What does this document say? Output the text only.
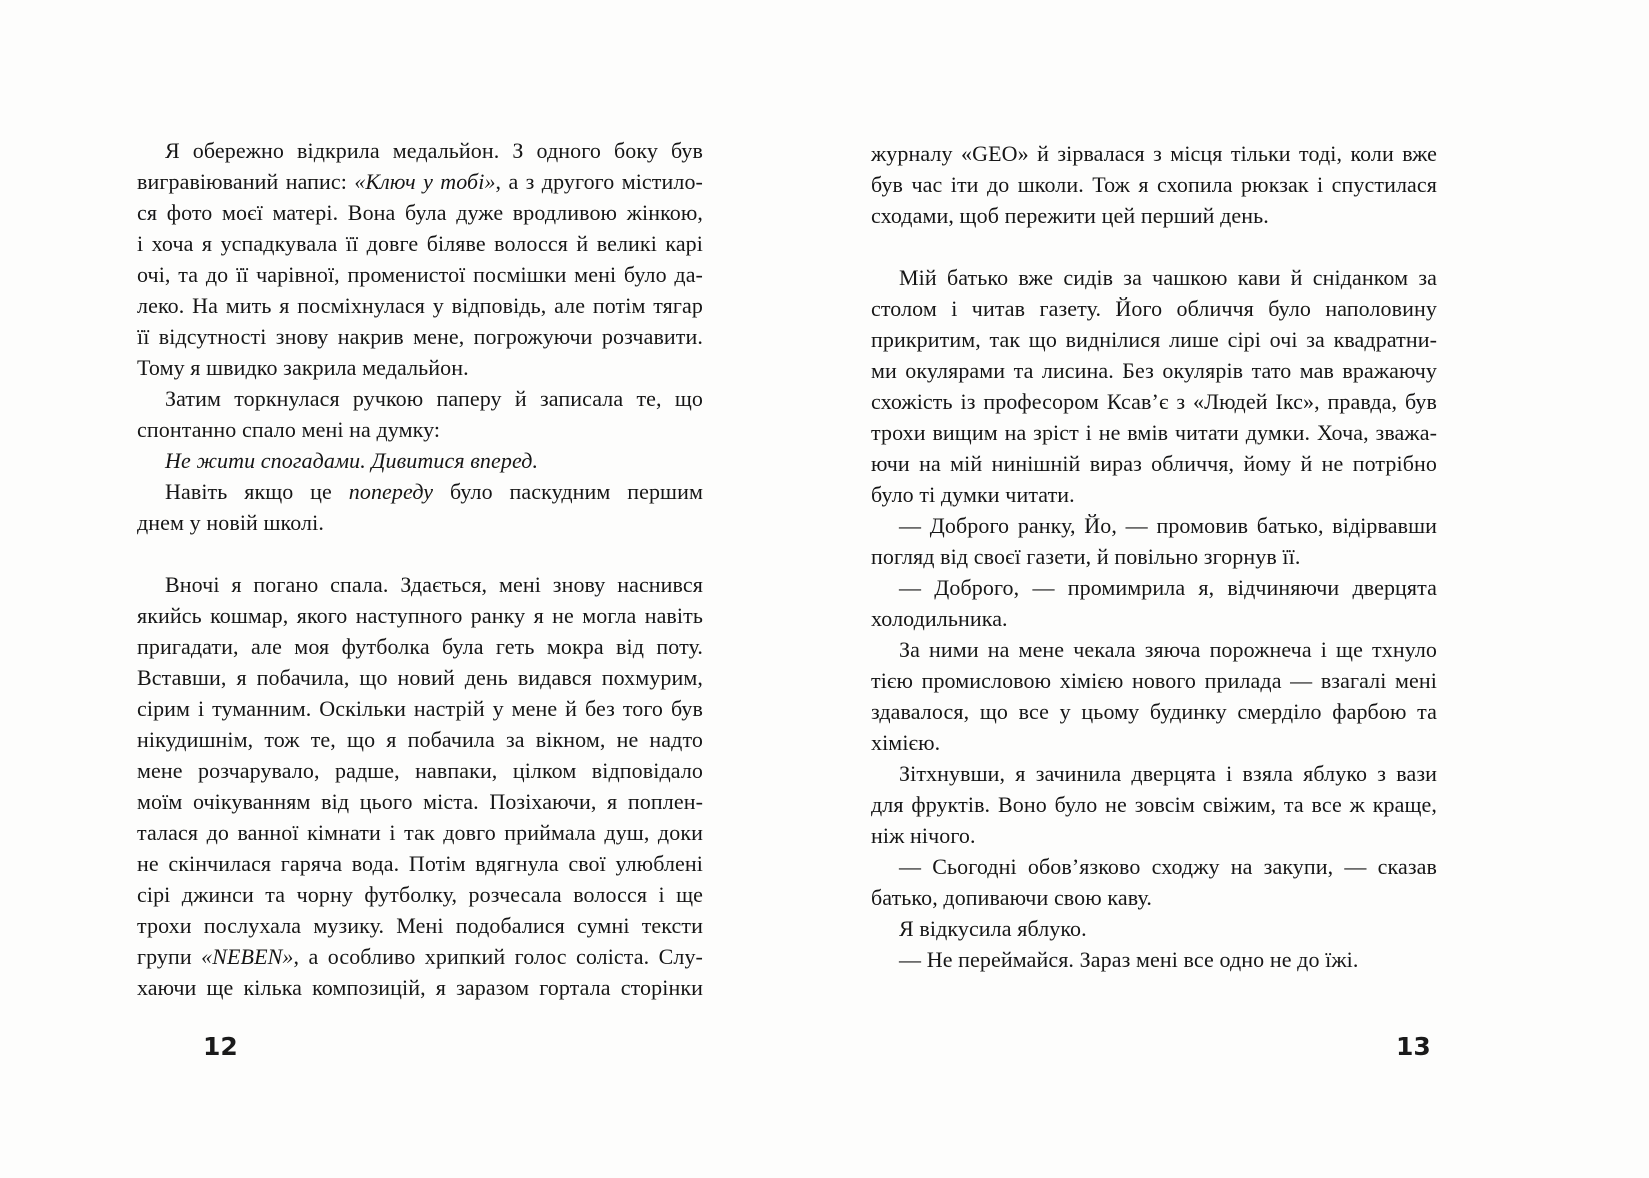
Я обережно відкрила медальйон. З одного боку був
вигравіюваний напис: «Ключ у тобі», а з другого містило-
ся фото моєї матері. Вона була дуже вродливою жінкою,
і хоча я успадкувала її довге біляве волосся й великі карі
очі, та до її чарівної, променистої посмішки мені було да-
леко. На мить я посміхнулася у відповідь, але потім тягар
її відсутності знову накрив мене, погрожуючи розчавити.
Тому я швидко закрила медальйон.
Затим торкнулася ручкою паперу й записала те, що
спонтанно спало мені на думку:
Не жити спогадами. Дивитися вперед.
Навіть якщо це попереду було паскудним першим
днем у новій школі.
Вночі я погано спала. Здається, мені знову наснився
якийсь кошмар, якого наступного ранку я не могла навіть
пригадати, але моя футболка була геть мокра від поту.
Вставши, я побачила, що новий день видався похмурим,
сірим і туманним. Оскільки настрій у мене й без того був
нікудишнім, тож те, що я побачила за вікном, не надто
мене розчарувало, радше, навпаки, цілком відповідало
моїм очікуванням від цього міста. Позіхаючи, я поплен-
талася до ванної кімнати і так довго приймала душ, доки
не скінчилася гаряча вода. Потім вдягнула свої улюблені
сірі джинси та чорну футболку, розчесала волосся і ще
трохи послухала музику. Мені подобалися сумні тексти
групи «NEBEN», а особливо хрипкий голос соліста. Слу-
хаючи ще кілька композицій, я заразом гортала сторінки
12
журналу «GEO» й зірвалася з місця тільки тоді, коли вже
був час іти до школи. Тож я схопила рюкзак і спустилася
сходами, щоб пережити цей перший день.
Мій батько вже сидів за чашкою кави й сніданком за
столом і читав газету. Його обличчя було наполовину
прикритим, так що виднілися лише сірі очі за квадратни-
ми окулярами та лисина. Без окулярів тато мав вражаючу
схожість із професором Ксав’є з «Людей Ікс», правда, був
трохи вищим на зріст і не вмів читати думки. Хоча, зважа-
ючи на мій нинішній вираз обличчя, йому й не потрібно
було ті думки читати.
— Доброго ранку, Йо, — промовив батько, відірвавши
погляд від своєї газети, й повільно згорнув її.
— Доброго, — промимрила я, відчиняючи дверцята
холодильника.
За ними на мене чекала зяюча порожнеча і ще тхнуло
тією промисловою хімією нового прилада — взагалі мені
здавалося, що все у цьому будинку смерділо фарбою та
хімією.
Зітхнувши, я зачинила дверцята і взяла яблуко з вази
для фруктів. Воно було не зовсім свіжим, та все ж краще,
ніж нічого.
— Сьогодні обов’язково сходжу на закупи, — сказав
батько, допиваючи свою каву.
Я відкусила яблуко.
— Не переймайся. Зараз мені все одно не до їжі.
13
